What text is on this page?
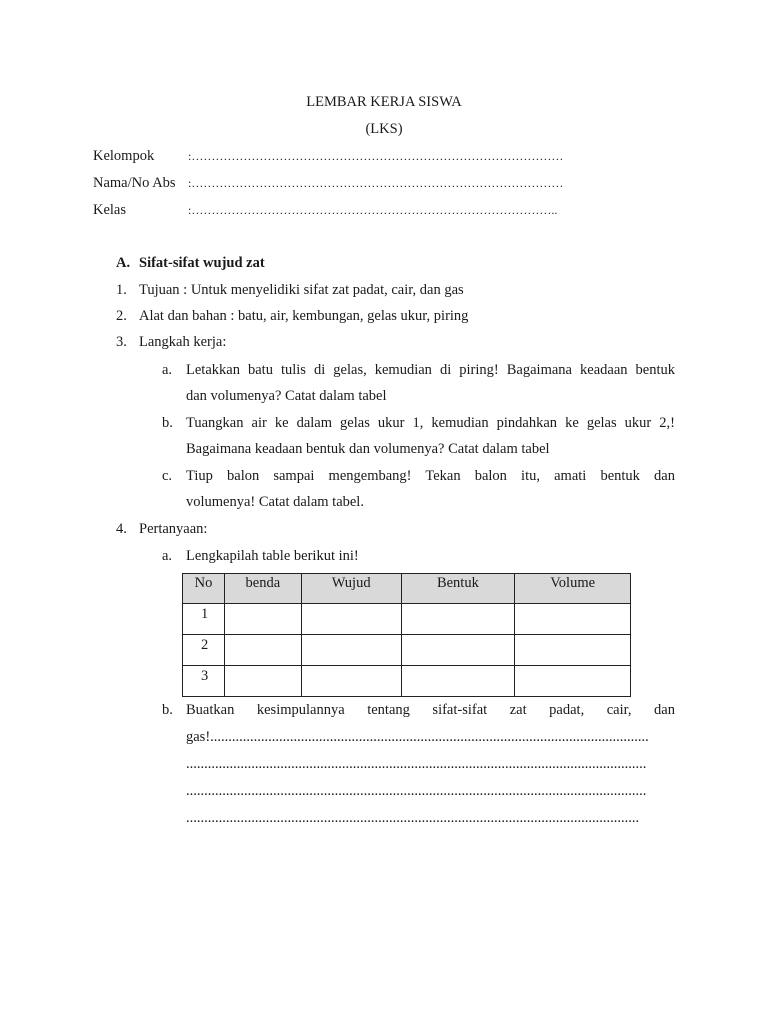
LEMBAR KERJA SISWA
(LKS)
Kelompok	:…………………………………………………………………………………
Nama/No Abs :…………………………………………………………………………………
Kelas	:………………………………………………………………………………..
A. Sifat-sifat wujud zat
1. Tujuan : Untuk menyelidiki sifat zat padat, cair, dan gas
2. Alat dan bahan : batu, air, kembungan, gelas ukur, piring
3. Langkah kerja:
a. Letakkan batu tulis di gelas, kemudian di piring! Bagaimana keadaan bentuk
dan volumenya? Catat dalam tabel
b. Tuangkan air ke dalam gelas ukur 1, kemudian pindahkan ke gelas ukur 2,!
Bagaimana keadaan bentuk dan volumenya? Catat dalam tabel
c. Tiup balon sampai mengembang! Tekan balon itu, amati bentuk dan
volumenya! Catat dalam tabel.
4. Pertanyaan:
a. Lengkapilah table berikut ini!
No	benda	Wujud	Bentuk	Volume
1				
2				
3				
b. Buatkan kesimpulannya tentang sifat-sifat zat padat, cair, dan
gas!.........................................................................................................................
...............................................................................................................................
...............................................................................................................................
.............................................................................................................................
